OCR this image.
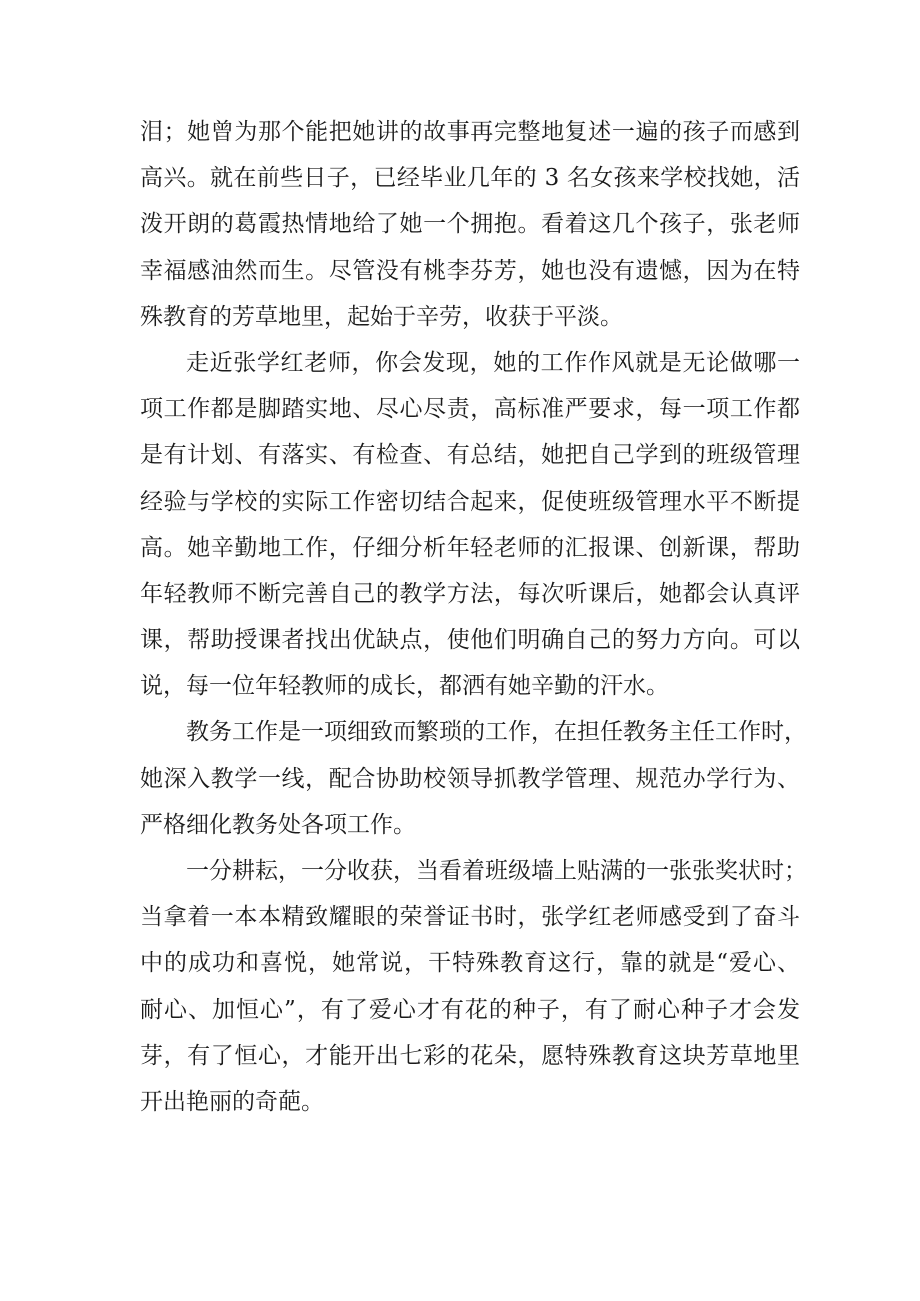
泪；她曾为那个能把她讲的故事再完整地复述一遍的孩子而感到
高兴。就在前些日子，已经毕业几年的 3 名女孩来学校找她，活
泼开朗的葛霞热情地给了她一个拥抱。看着这几个孩子，张老师
幸福感油然而生。尽管没有桃李芬芳，她也没有遗憾，因为在特
殊教育的芳草地里，起始于辛劳，收获于平淡。
走近张学红老师，你会发现，她的工作作风就是无论做哪一
项工作都是脚踏实地、尽心尽责，高标准严要求，每一项工作都
是有计划、有落实、有检查、有总结，她把自己学到的班级管理
经验与学校的实际工作密切结合起来，促使班级管理水平不断提
高。她辛勤地工作，仔细分析年轻老师的汇报课、创新课，帮助
年轻教师不断完善自己的教学方法，每次听课后，她都会认真评
课，帮助授课者找出优缺点，使他们明确自己的努力方向。可以
说，每一位年轻教师的成长，都洒有她辛勤的汗水。
教务工作是一项细致而繁琐的工作，在担任教务主任工作时，
她深入教学一线，配合协助校领导抓教学管理、规范办学行为、
严格细化教务处各项工作。
一分耕耘，一分收获，当看着班级墙上贴满的一张张奖状时；
当拿着一本本精致耀眼的荣誉证书时，张学红老师感受到了奋斗
中的成功和喜悦，她常说，干特殊教育这行，靠的就是“爱心、
耐心、加恒心”，有了爱心才有花的种子，有了耐心种子才会发
芽，有了恒心，才能开出七彩的花朵，愿特殊教育这块芳草地里
开出艳丽的奇葩。
